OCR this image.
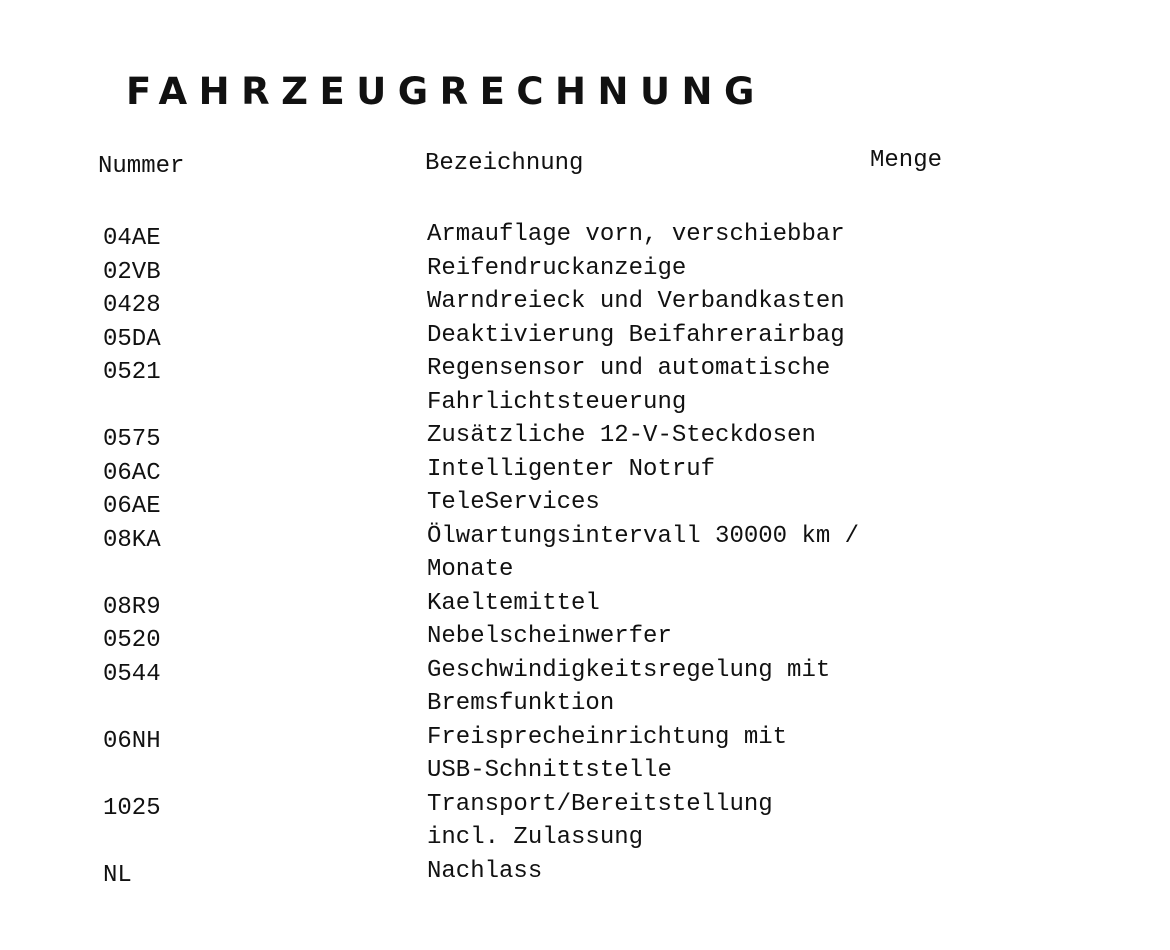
FAHRZEUGRECHNUNG
Nummer	Bezeichnung	Menge
04AE	Armauflage vorn, verschiebbar
02VB	Reifendruckanzeige
0428	Warndreieck und Verbandkasten
05DA	Deaktivierung Beifahrerairbag
0521	Regensensor und automatische
Fahrlichtsteuerung
0575	Zusätzliche 12-V-Steckdosen
06AC	Intelligenter Notruf
06AE	TeleServices
08KA	Ölwartungsintervall 30000 km /
Monate
08R9	Kaeltemittel
0520	Nebelscheinwerfer
0544	Geschwindigkeitsregelung mit
Bremsfunktion
06NH	Freisprecheinrichtung mit
USB-Schnittstelle
1025	Transport/Bereitstellung
incl. Zulassung
NL	Nachlass
